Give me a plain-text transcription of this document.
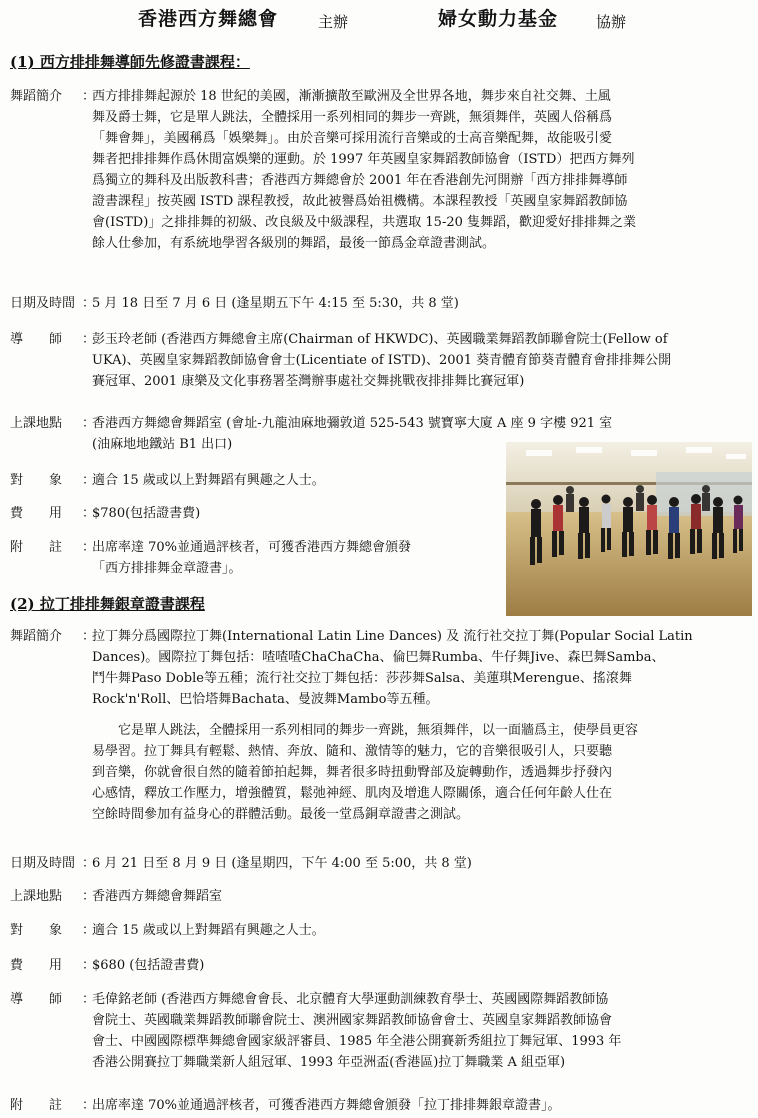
香港西方舞總會	主辦	婦女動力基金	協辦
(1) 西方排排舞導師先修證書課程：
舞蹈簡介	：
西方排排舞起源於 18 世紀的美國，漸漸擴散至歐洲及全世界各地，舞步來自社交舞、土風
舞及爵士舞，它是單人跳法，全體採用一系列相同的舞步一齊跳，無須舞伴，英國人俗稱爲
「舞會舞」，美國稱爲「娛樂舞」。由於音樂可採用流行音樂或的士高音樂配舞，故能吸引愛
舞者把排排舞作爲休閒富娛樂的運動。於 1997 年英國皇家舞蹈教師協會（ISTD）把西方舞列
爲獨立的舞科及出版教科書；香港西方舞總會於 2001 年在香港創先河開辦「西方排排舞導師
證書課程」按英國 ISTD 課程教授，故此被譽爲始祖機構。本課程教授「英國皇家舞蹈教師協
會(ISTD)」之排排舞的初級、改良級及中級課程，共選取 15-20 隻舞蹈，歡迎愛好排排舞之業
餘人仕參加，有系統地學習各級別的舞蹈，最後一節爲金章證書測試。
日期及時間 ：
5 月 18 日至 7 月 6 日 (逢星期五下午 4:15 至 5:30，共 8 堂)
導　　師	：
彭玉玲老師 (香港西方舞總會主席(Chairman of HKWDC)、英國職業舞蹈教師聯會院士(Fellow of
UKA)、英國皇家舞蹈教師協會會士(Licentiate of ISTD)、2001 葵青體育節葵青體育會排排舞公開
賽冠軍、2001 康樂及文化事務署荃灣辦事處社交舞挑戰夜排排舞比賽冠軍)
上課地點	：
香港西方舞總會舞蹈室 (會址-九龍油麻地彌敦道 525-543 號寶寧大廈 A 座 9 字樓 921 室
(油麻地地鐵站 B1 出口)
對　　象	：
適合 15 歲或以上對舞蹈有興趣之人士。
費　　用	：
$780(包括證書費)
附　　註	：
出席率達 70%並通過評核者，可獲香港西方舞總會頒發
「西方排排舞金章證書」。
(2) 拉丁排排舞銀章證書課程
舞蹈簡介	：
拉丁舞分爲國際拉丁舞(International Latin Line Dances) 及 流行社交拉丁舞(Popular Social Latin
Dances)。國際拉丁舞包括：喳喳喳ChaChaCha、倫巴舞Rumba、牛仔舞Jive、森巴舞Samba、
鬥牛舞Paso Doble等五種；流行社交拉丁舞包括：莎莎舞Salsa、美蓮琪Merengue、搖滾舞
Rock'n'Roll、巴恰塔舞Bachata、曼波舞Mambo等五種。
它是單人跳法，全體採用一系列相同的舞步一齊跳，無須舞伴，以一面牆爲主，使學員更容
易學習。拉丁舞具有輕鬆、熱情、奔放、隨和、激情等的魅力，它的音樂很吸引人，只要聽
到音樂，你就會很自然的隨着節拍起舞，舞者很多時扭動臀部及旋轉動作，透過舞步抒發內
心感情，釋放工作壓力，增強體質，鬆弛神經、肌肉及增進人際關係，適合任何年齡人仕在
空餘時間參加有益身心的群體活動。最後一堂爲銅章證書之測試。
日期及時間 ：
6 月 21 日至 8 月 9 日 (逢星期四，下午 4:00 至 5:00，共 8 堂)
上課地點	：
香港西方舞總會舞蹈室
對　　象	：
適合 15 歲或以上對舞蹈有興趣之人士。
費　　用	：
$680 (包括證書費)
導　　師	：
毛偉銘老師 (香港西方舞總會會長、北京體育大學運動訓練教育學士、英國國際舞蹈教師協
會院士、英國職業舞蹈教師聯會院士、澳洲國家舞蹈教師協會會士、英國皇家舞蹈教師協會
會士、中國國際標準舞總會國家級評審員、1985 年全港公開賽新秀組拉丁舞冠軍、1993 年
香港公開賽拉丁舞職業新人組冠軍、1993 年亞洲盃(香港區)拉丁舞職業 A 組亞軍)
附　　註	：
出席率達 70%並通過評核者，可獲香港西方舞總會頒發「拉丁排排舞銀章證書」。
